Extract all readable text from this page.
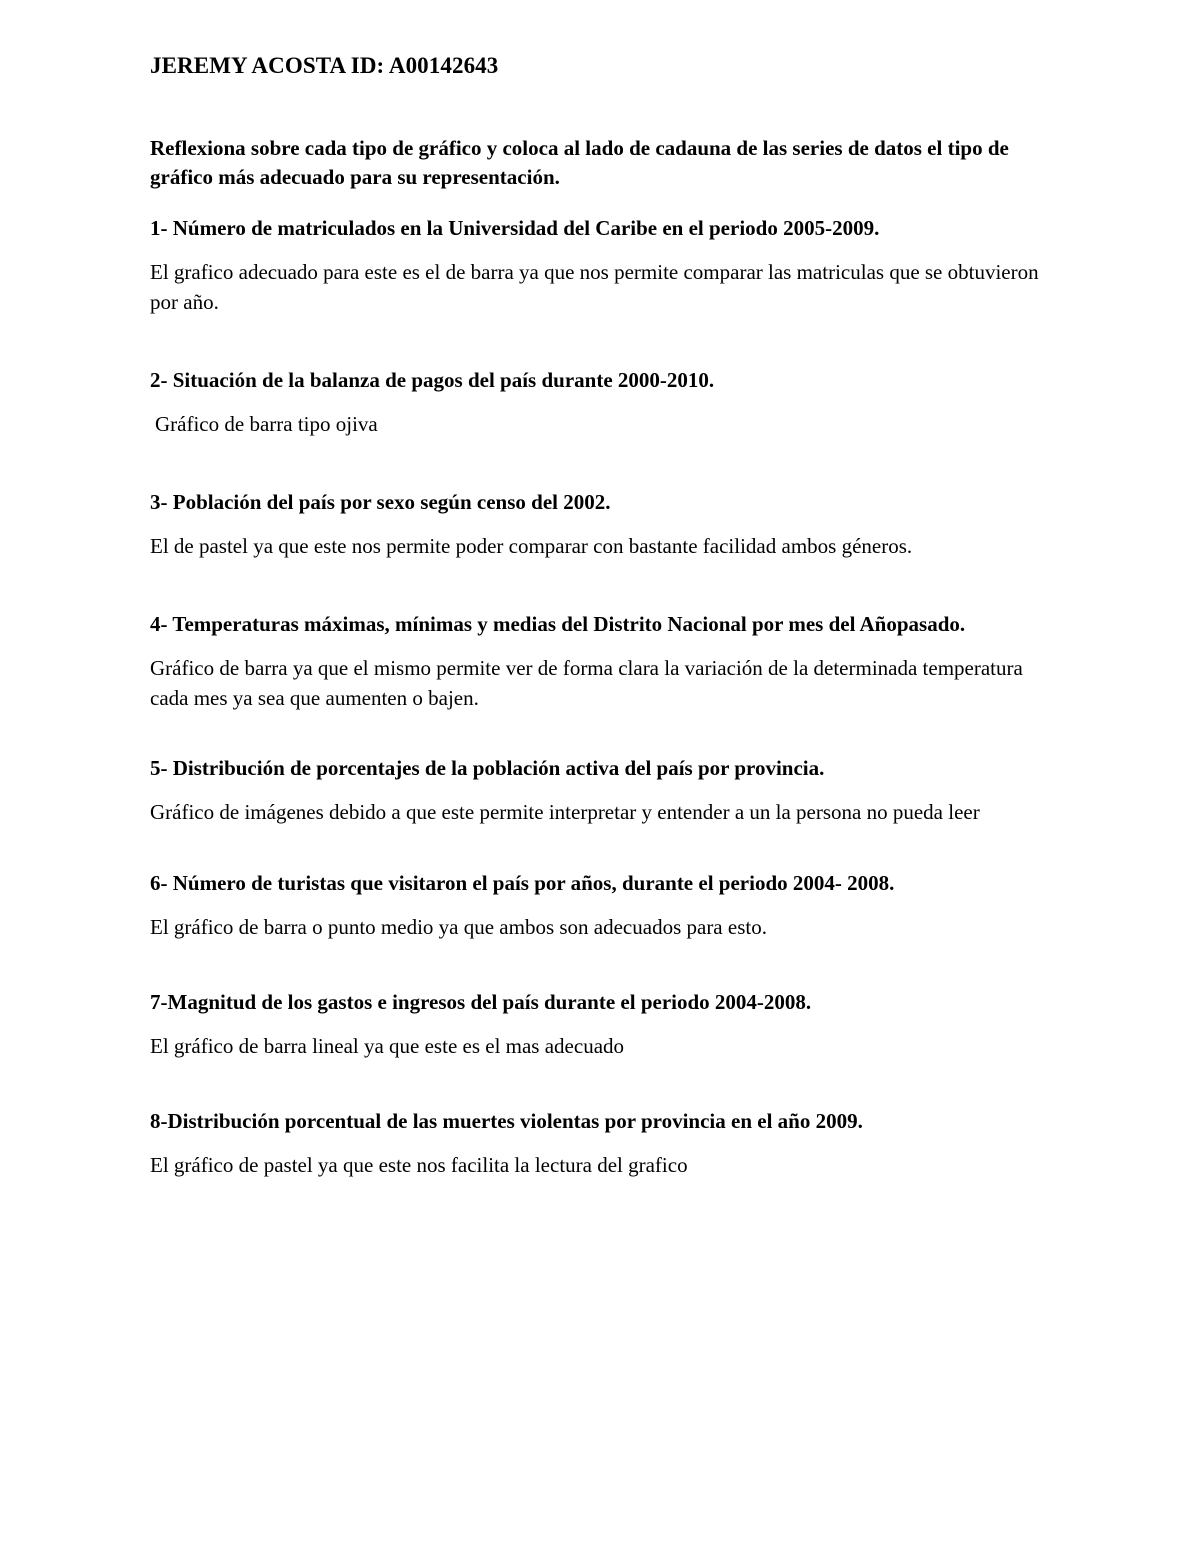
JEREMY ACOSTA ID: A00142643
Reflexiona sobre cada tipo de gráfico y coloca al lado de cadauna de las series de datos el tipo de gráfico más adecuado para su representación.
1- Número de matriculados en la Universidad del Caribe en el periodo 2005-2009.
El grafico adecuado para este es el de barra ya que nos permite comparar las matriculas que se obtuvieron por año.
2- Situación de la balanza de pagos del país durante 2000-2010.
Gráfico de barra tipo ojiva
3- Población del país por sexo según censo del 2002.
El de pastel ya que este nos permite poder comparar con bastante facilidad ambos géneros.
4- Temperaturas máximas, mínimas y medias del Distrito Nacional por mes del Añopasado.
Gráfico de barra ya que el mismo permite ver de forma clara la variación de la determinada temperatura cada mes ya sea que aumenten o bajen.
5- Distribución de porcentajes de la población activa del país por provincia.
Gráfico de imágenes debido a que este permite interpretar y entender a un la persona no pueda leer
6- Número de turistas que visitaron el país por años, durante el periodo 2004- 2008.
El gráfico de barra o punto medio ya que ambos son adecuados para esto.
7-Magnitud de los gastos e ingresos del país durante el periodo 2004-2008.
El gráfico de barra lineal ya que este es el mas adecuado
8-Distribución porcentual de las muertes violentas por provincia en el año 2009.
El gráfico de pastel ya que este nos facilita la lectura del grafico
